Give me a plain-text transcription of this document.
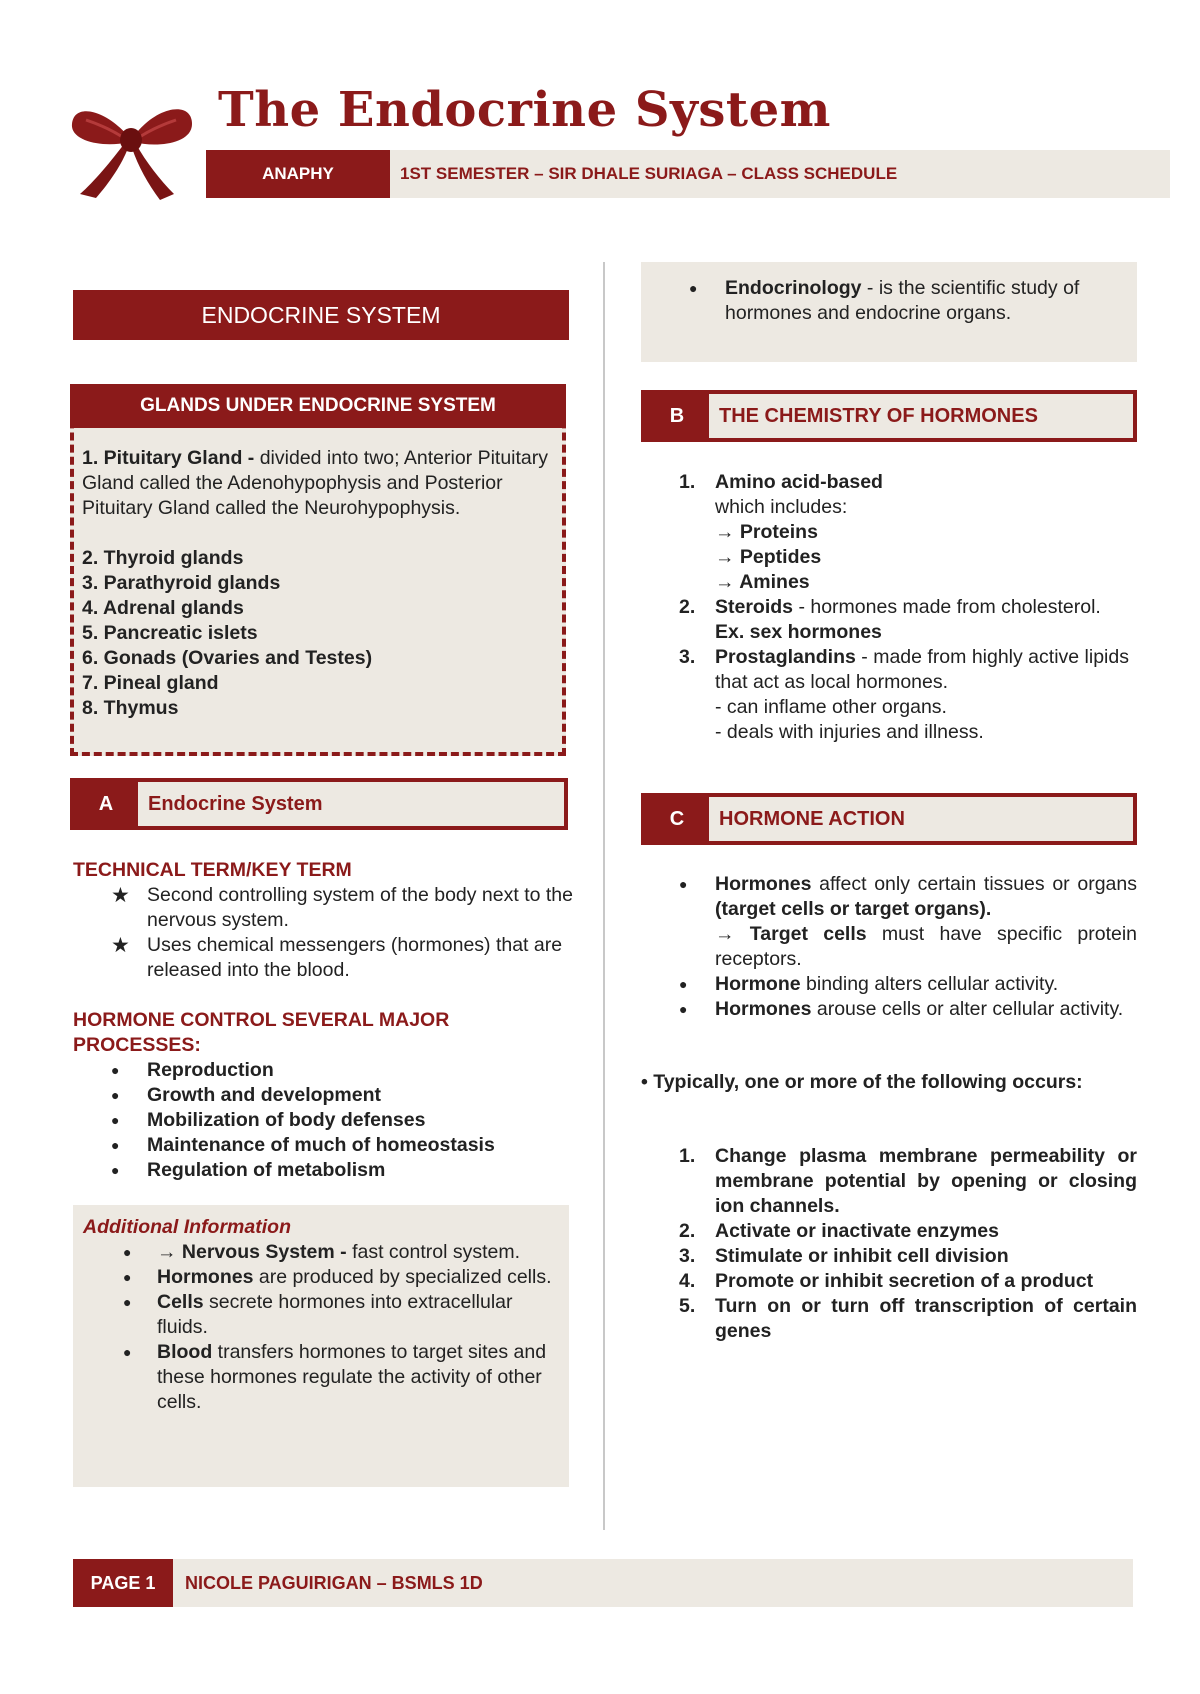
The Endocrine System
ANAPHY	1ST SEMESTER – SIR DHALE SURIAGA – CLASS SCHEDULE
ENDOCRINE SYSTEM
GLANDS UNDER ENDOCRINE SYSTEM

1. Pituitary Gland - divided into two; Anterior Pituitary Gland called the Adenohypophysis and Posterior Pituitary Gland called the Neurohypophysis.

2. Thyroid glands

3. Parathyroid glands

4. Adrenal glands

5. Pancreatic islets

6. Gonads (Ovaries and Testes)

7. Pineal gland

8. Thymus

A	Endocrine System
TECHNICAL TERM/KEY TERM
★ Second controlling system of the body next to the nervous system.
★ Uses chemical messengers (hormones) that are released into the blood.
HORMONE CONTROL SEVERAL MAJOR PROCESSES:
● Reproduction
● Growth and development
● Mobilization of body defenses
● Maintenance of much of homeostasis
● Regulation of metabolism
Additional Information
● → Nervous System - fast control system.
● Hormones are produced by specialized cells.
● Cells secrete hormones into extracellular fluids.
● Blood transfers hormones to target sites and these hormones regulate the activity of other cells.
● Endocrinology - is the scientific study of hormones and endocrine organs.
B	THE CHEMISTRY OF HORMONES
1. Amino acid-based
which includes:
→ Proteins
→ Peptides
→ Amines
2. Steroids - hormones made from cholesterol.
Ex. sex hormones
3. Prostaglandins - made from highly active lipids that act as local hormones.
- can inflame other organs.
- deals with injuries and illness.
C	HORMONE ACTION
● Hormones affect only certain tissues or organs (target cells or target organs).
→ Target cells must have specific protein receptors.
● Hormone binding alters cellular activity.
● Hormones arouse cells or alter cellular activity.
• Typically, one or more of the following occurs:
1. Change plasma membrane permeability or membrane potential by opening or closing ion channels.
2. Activate or inactivate enzymes
3. Stimulate or inhibit cell division
4. Promote or inhibit secretion of a product
5. Turn on or turn off transcription of certain genes
PAGE 1	NICOLE PAGUIRIGAN – BSMLS 1D
